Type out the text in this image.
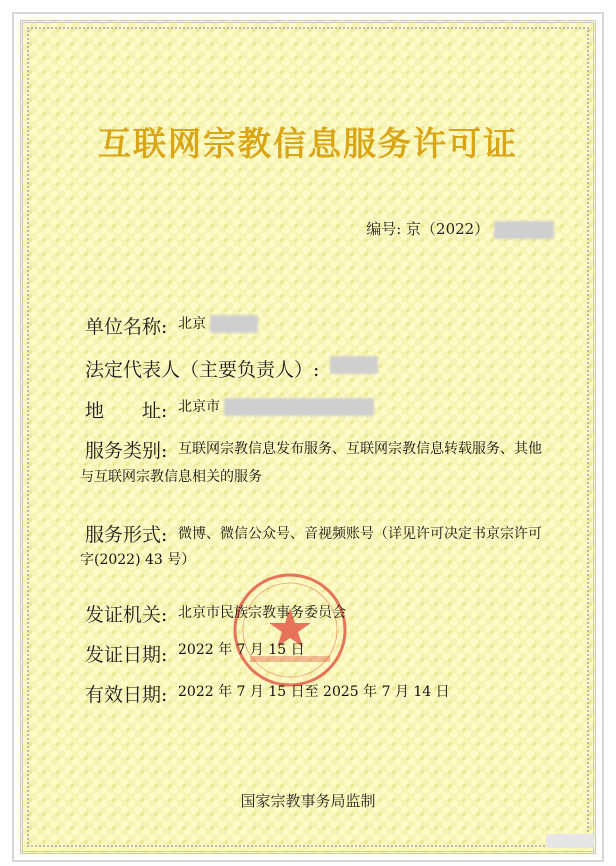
互联网宗教信息服务许可证
编号: 京（2022）
单位名称: 北京
法定代表人（主要负责人）:
地　　址: 北京市
服务类别: 互联网宗教信息发布服务、互联网宗教信息转载服务、其他
与互联网宗教信息相关的服务
服务形式: 微博、微信公众号、音视频账号（详见许可决定书京宗许可
字(2022) 43 号）
发证机关: 北京市民族宗教事务委员会
发证日期: 2022 年 7 月 15 日
有效日期: 2022 年 7 月 15 日至 2025 年 7 月 14 日
国家宗教事务局监制
